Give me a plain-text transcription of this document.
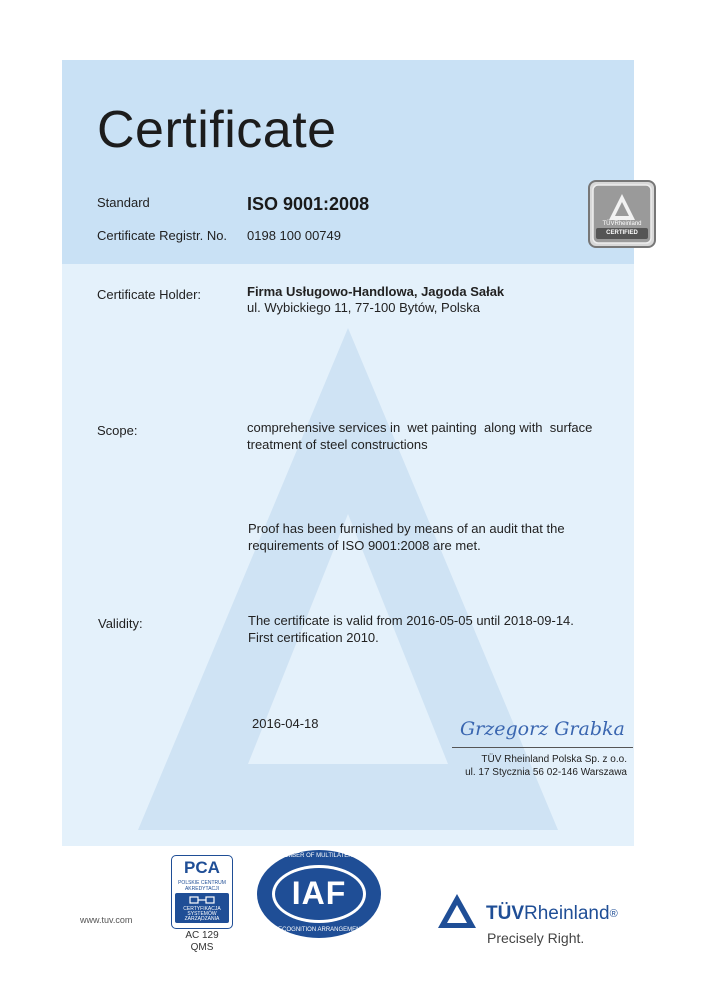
Certificate
Standard	ISO 9001:2008
Certificate Registr. No. 0198 100 00749
TÜVRheinland
CERTIFIED
Certificate Holder:	Firma Usługowo-Handlowa, Jagoda Sałak
ul. Wybickiego 11, 77-100 Bytów, Polska
Scope:	comprehensive services in  wet painting  along with  surface
treatment of steel constructions
Proof has been furnished by means of an audit that the
requirements of ISO 9001:2008 are met.
Validity:	The certificate is valid from 2016-05-05 until 2018-09-14.
First certification 2010.
2016-04-18	Grzegorz Grabka
TÜV Rheinland Polska Sp. z o.o.
ul. 17 Stycznia 56 02-146 Warszawa
www.tuv.com
PCA
POLSKIE CENTRUM
AKREDYTACJI
CERTYFIKACJA
SYSTEMÓW
ZARZĄDZANIA
AC 129
QMS
IAF
MEMBER OF MULTILATERAL
RECOGNITION ARRANGEMENT
TÜVRheinland®
Precisely Right.
